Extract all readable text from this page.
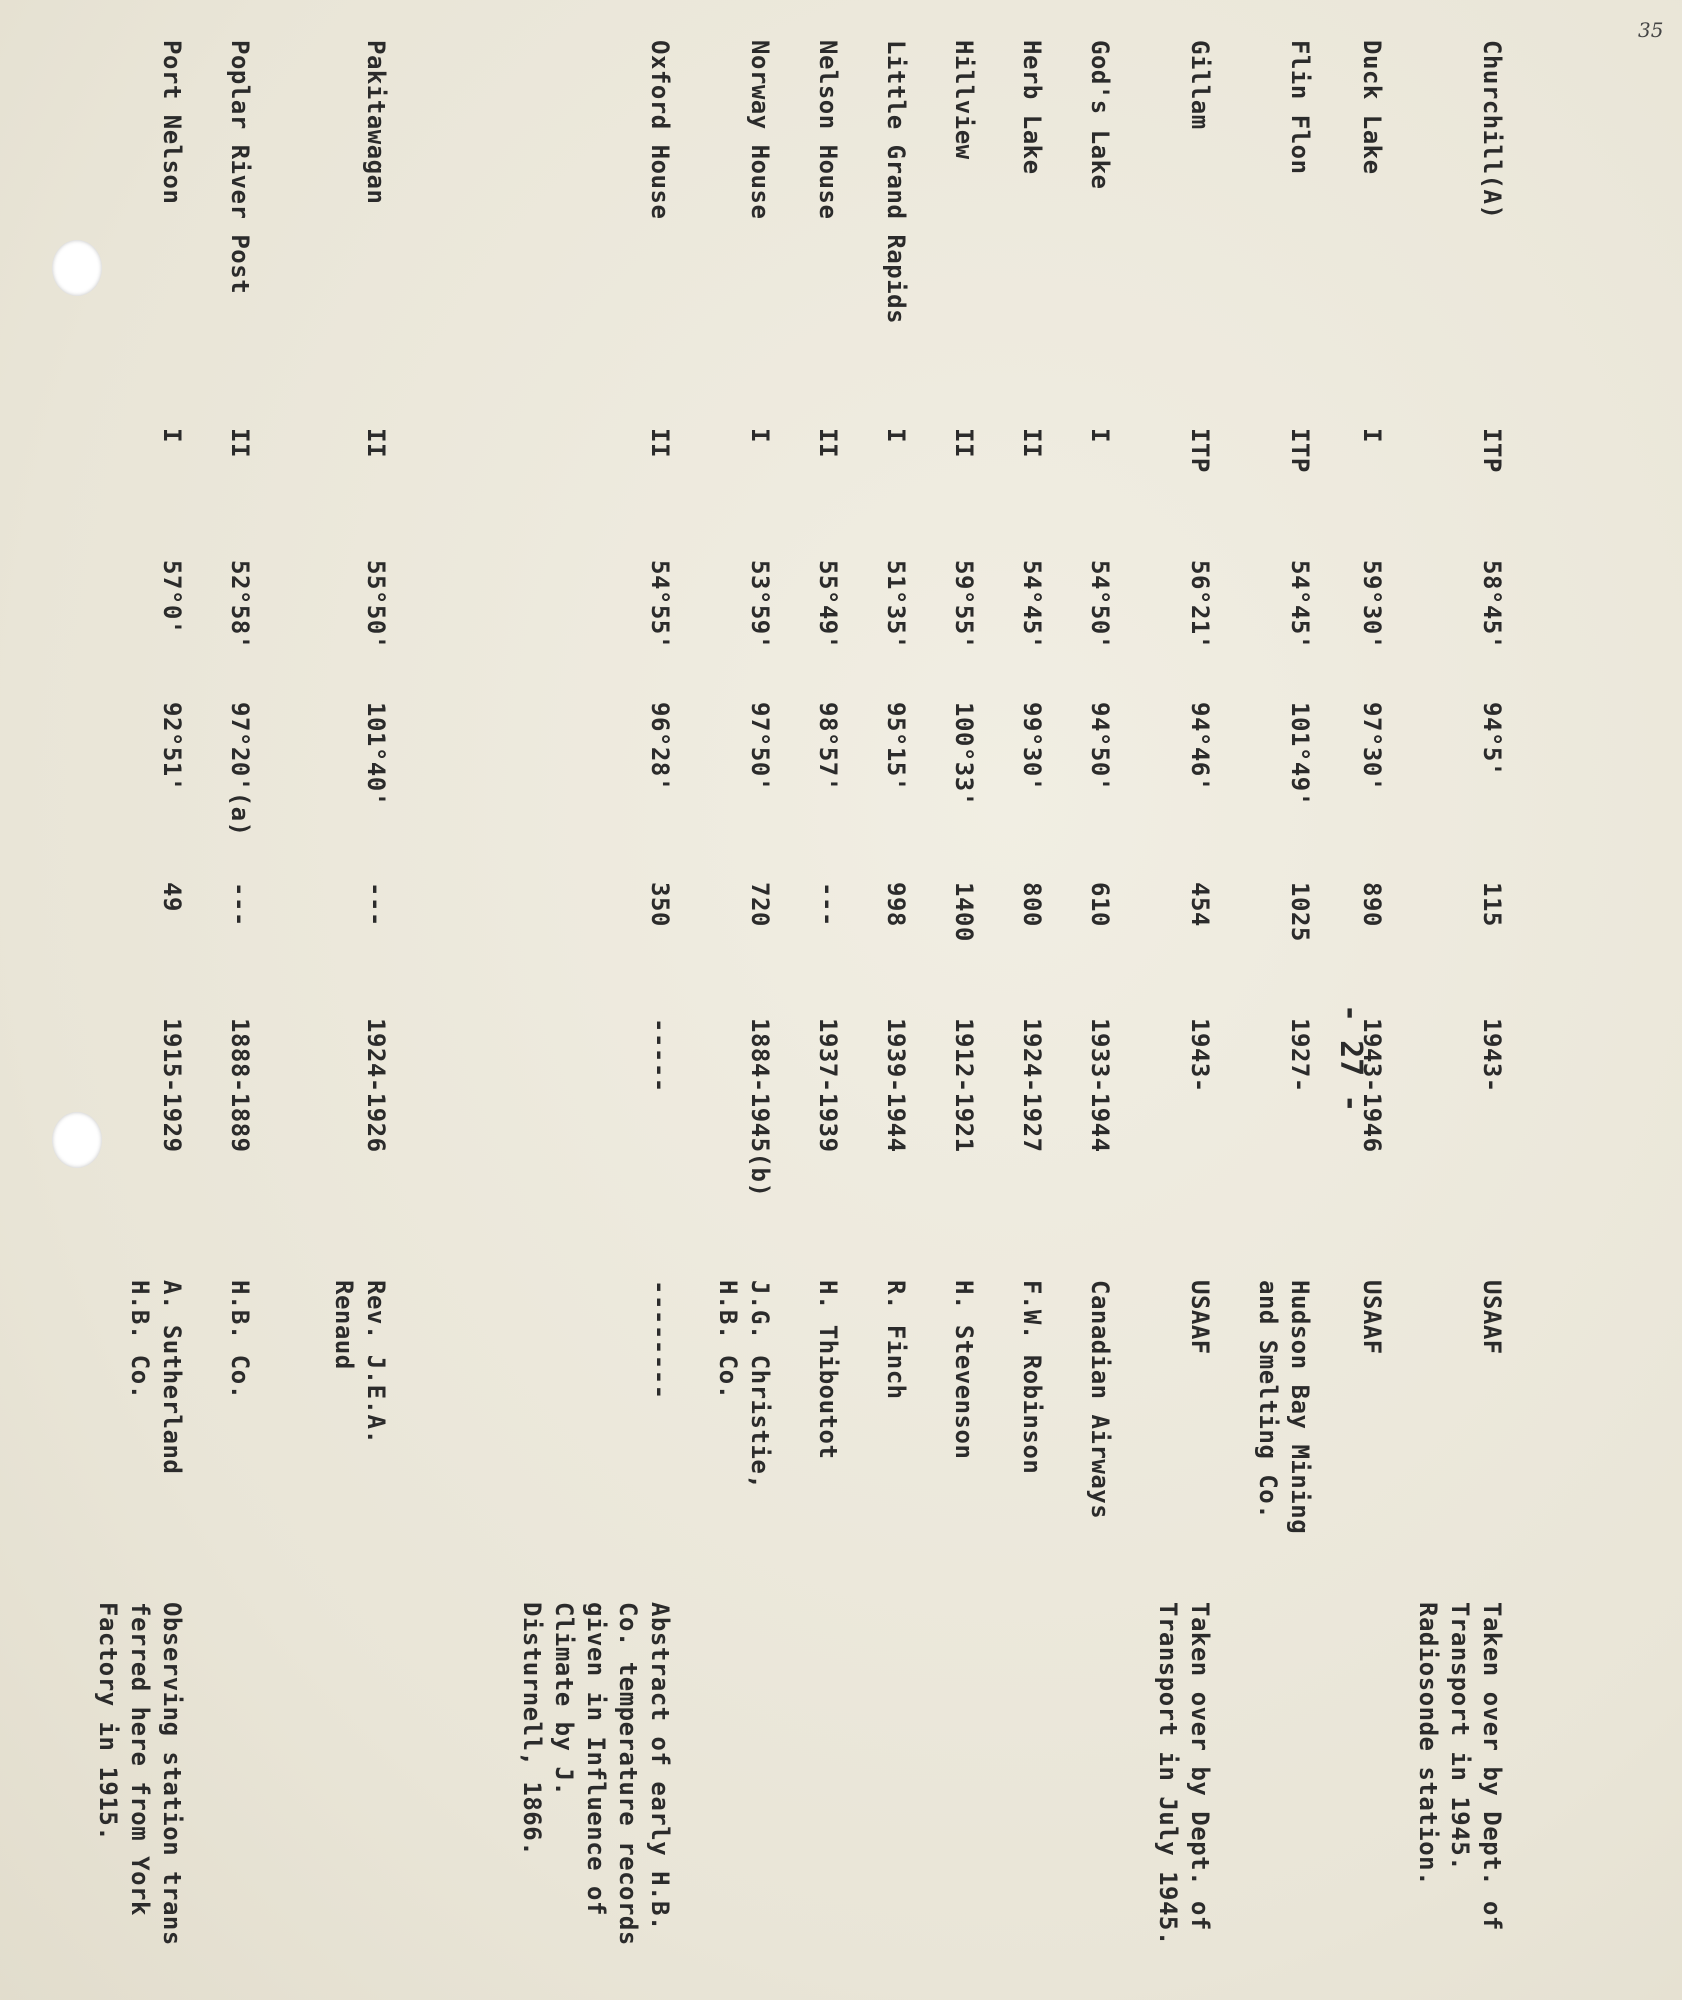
35
- 27 -
Churchill(A)
ITP
58°45'
94°5'
115
1943-
USAAF
Taken over by Dept. of
Transport in 1945.
Radiosonde station.
Duck Lake
I
59°30'
97°30'
890
1943-1946
USAAF
Flin Flon
ITP
54°45'
101°49'
1025
1927-
Hudson Bay Mining
and Smelting Co.
Gillam
ITP
56°21'
94°46'
454
1943-
USAAF
Taken over by Dept. of
Transport in July 1945.
God's Lake
I
54°50'
94°50'
610
1933-1944
Canadian Airways
Herb Lake
II
54°45'
99°30'
800
1924-1927
F.W. Robinson
Hillview
II
59°55'
100°33'
1400
1912-1921
H. Stevenson
Little Grand Rapids
I
51°35'
95°15'
998
1939-1944
R. Finch
Nelson House
II
55°49'
98°57'
---
1937-1939
H. Thiboutot
Norway House
I
53°59'
97°50'
720
1884-1945(b)
J.G. Christie,
H.B. Co.
Oxford House
II
54°55'
96°28'
350
-----
--------
Abstract of early H.B.
Co. temperature records
given in Influence of
Climate by J.
Disturnell, 1866.
Pakitawagan
II
55°50'
101°40'
---
1924-1926
Rev. J.E.A.
Renaud
Poplar River Post
II
52°58'
97°20'(a)
---
1888-1889
H.B. Co.
Port Nelson
I
57°0'
92°51'
49
1915-1929
A. Sutherland
H.B. Co.
Observing station trans
ferred here from York
Factory in 1915.
